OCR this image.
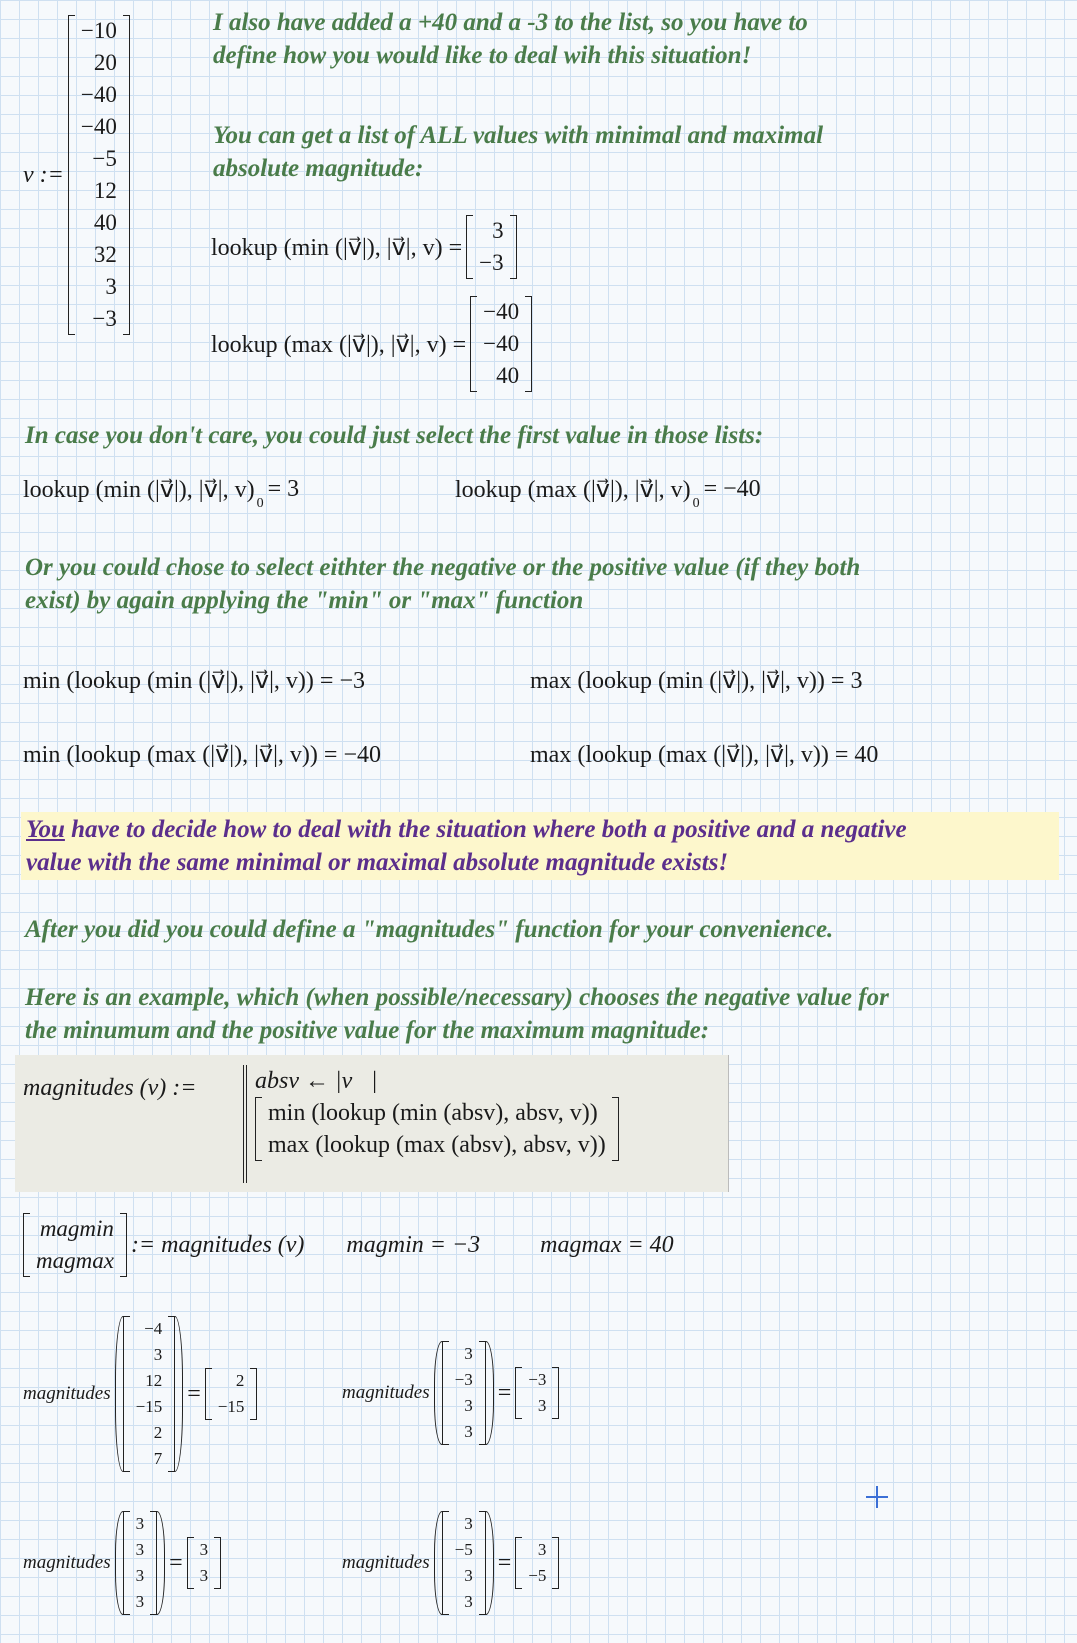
v :=
−10
20
−40
−40
−5
12
40
32
3
−3
I also have added a +40 and a -3 to the list, so you have to
define how you would like to deal wih this situation!
You can get a list of ALL values with minimal and maximal
absolute magnitude:
lookup (min (|v⃗|), |v⃗|, v) =
3
−3
lookup (max (|v⃗|), |v⃗|, v) =
−40
−40
40
In case you don't care, you could just select the first value in those lists:
lookup (min (|v⃗|), |v⃗|, v) 0
= 3	lookup (max (|v⃗|), |v⃗|, v) 0
= −40
Or you could chose to select eithter the negative or the positive value (if they both
exist) by again applying the "min" or "max" function
min (lookup (min (|v⃗|), |v⃗|, v)) = −3	max (lookup (min (|v⃗|), |v⃗|, v)) = 3
min (lookup (max (|v⃗|), |v⃗|, v)) = −40	max (lookup (max (|v⃗|), |v⃗|, v)) = 40
You have to decide how to deal with the situation where both a positive and a negative
value with the same minimal or maximal absolute magnitude exists!
After you did you could define a "magnitudes" function for your convenience.
Here is an example, which (when possible/necessary) chooses the negative value for
the minumum and the positive value for the maximum magnitude:
magnitudes (v) := absv ← |v⃗|
min (lookup (min (absv), absv, v))
max (lookup (max (absv), absv, v))
magmin
magmax
:= magnitudes (v) magmin = −3	magmax = 40
magnitudes
−4
3
12
−15
2
7
=	2
−15
magnitudes
3
−3
3
3
= −3
3
magnitudes
3
3
3
3
= 3
3
magnitudes
3
−5
3
3
=	3
−5
